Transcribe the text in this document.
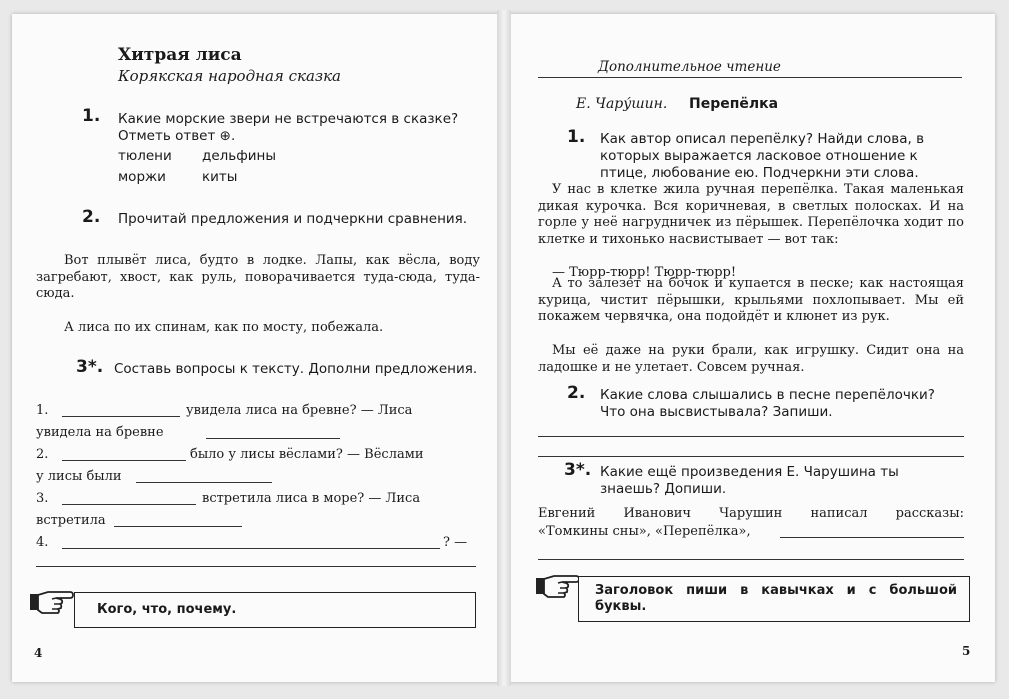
Хитрая лиса
Корякская народная сказка
1. Какие морские звери не встречаются в сказке? Отметь ответ ⊕.
тюлени дельфины
моржи	киты
2. Прочитай предложения и подчеркни сравнения.
Вот плывёт лиса, будто в лодке. Лапы, как вёсла, воду загребают, хвост, как руль, поворачивается туда-сюда, туда-сюда.
А лиса по их спинам, как по мосту, побежала.
3*. Составь вопросы к тексту. Дополни предложения.
1.	увидела лиса на бревне? — Лиса
увидела на бревне
2.	было у лисы вёслами? — Вёслами
у лисы были
3.	встретила лиса в море? — Лиса
встретила
4.	? —
Кого, что, почему.
4
Дополнительное чтение
Е. Чару́шин. Перепёлка
1. Как автор описал перепёлку? Найди слова, в которых выражается ласковое отношение к птице, любование ею. Подчеркни эти слова.
У нас в клетке жила ручная перепёлка. Такая маленькая дикая курочка. Вся коричневая, в светлых полосках. И на горле у неё нагрудничек из пёрышек. Перепёлочка ходит по клетке и тихонько насвистывает — вот так:
— Тюрр-тюрр! Тюрр-тюрр!
А то залезет на бочок и купается в песке; как настоящая курица, чистит пёрышки, крыльями похлопывает. Мы ей покажем червячка, она подойдёт и клюнет из рук.
Мы её даже на руки брали, как игрушку. Сидит она на ладошке и не улетает. Совсем ручная.
2. Какие слова слышались в песне перепёлочки? Что она высвистывала? Запиши.
3*. Какие ещё произведения Е. Чарушина ты знаешь? Допиши.
Евгений Иванович Чарушин написал рассказы:
«Томкины сны», «Перепёлка»,
Заголовок пиши в кавычках и с большой буквы.
5
